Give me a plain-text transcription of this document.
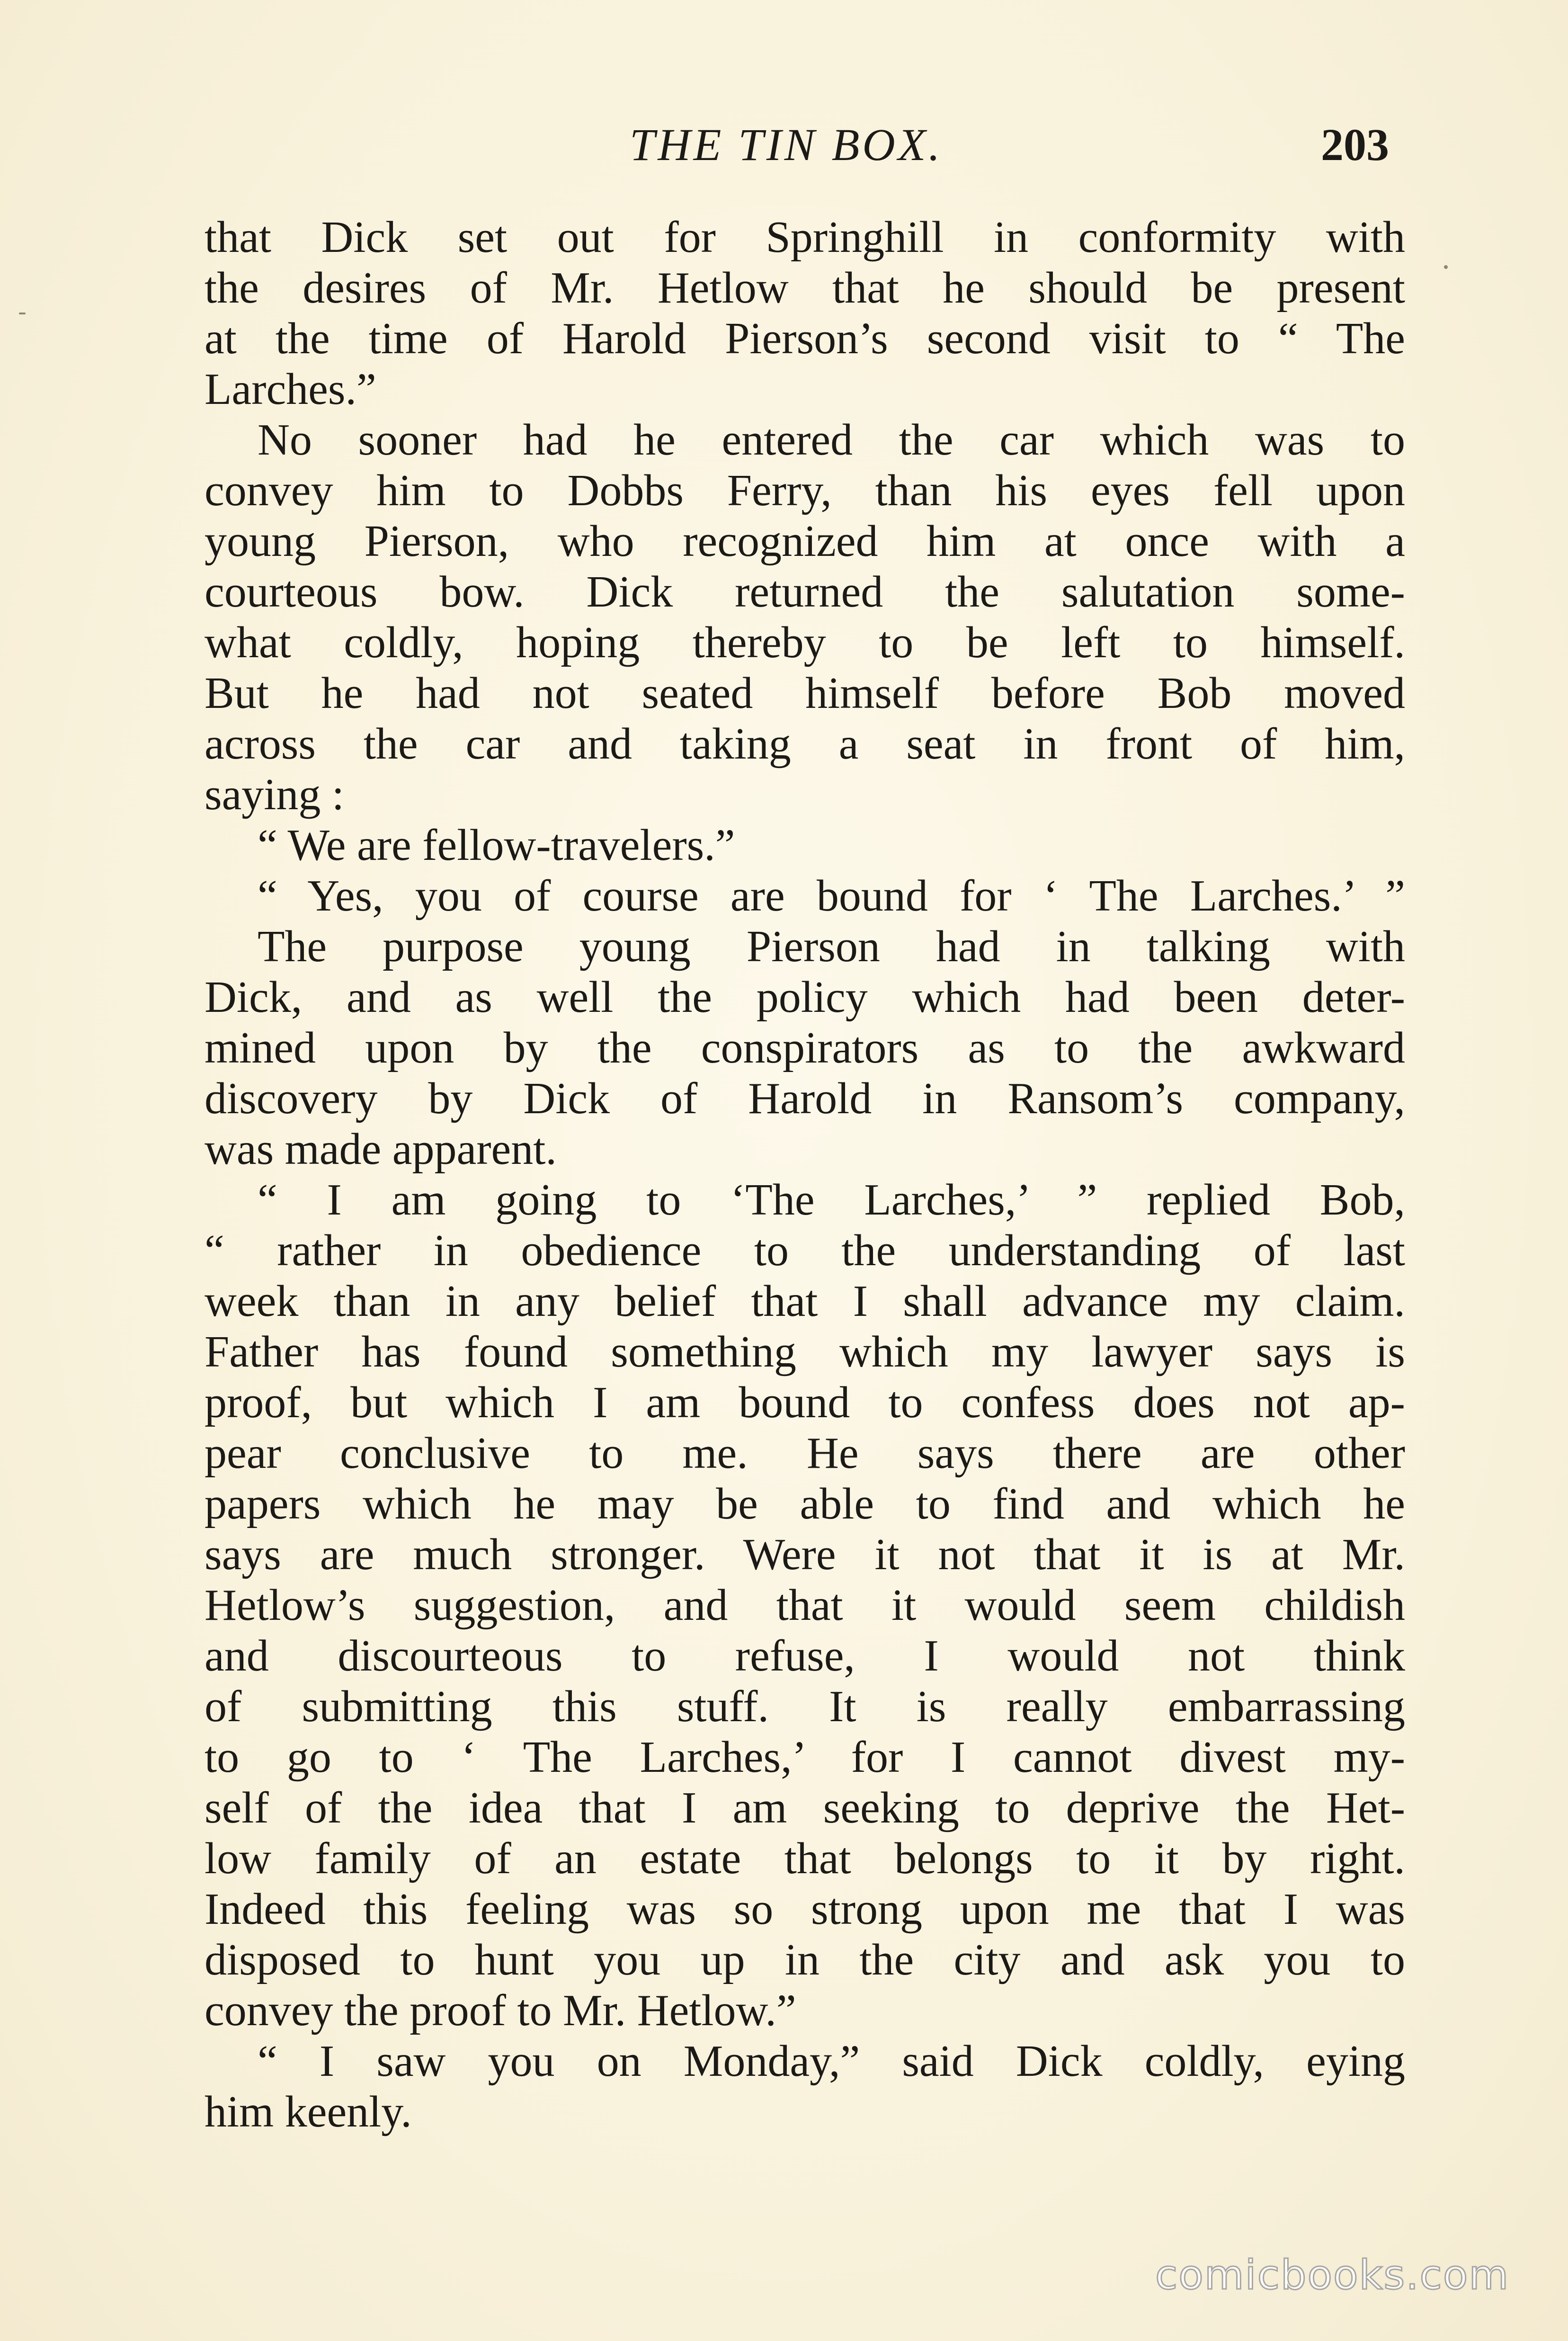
THE TIN BOX.	203
that Dick set out for Springhill in conformity with
the desires of Mr. Hetlow that he should be present
at the time of Harold Pierson’s second visit to “ The
Larches.”
No sooner had he entered the car which was to
convey him to Dobbs Ferry, than his eyes fell upon
young Pierson, who recognized him at once with a
courteous bow. Dick returned the salutation some-
what coldly, hoping thereby to be left to himself.
But he had not seated himself before Bob moved
across the car and taking a seat in front of him,
saying :
“ We are fellow-travelers.”
“ Yes, you of course are bound for ‘ The Larches.’ ”
The purpose young Pierson had in talking with
Dick, and as well the policy which had been deter-
mined upon by the conspirators as to the awkward
discovery by Dick of Harold in Ransom’s company,
was made apparent.
“ I am going to ‘The Larches,’ ” replied Bob,
“ rather in obedience to the understanding of last
week than in any belief that I shall advance my claim.
Father has found something which my lawyer says is
proof, but which I am bound to confess does not ap-
pear conclusive to me. He says there are other
papers which he may be able to find and which he
says are much stronger. Were it not that it is at Mr.
Hetlow’s suggestion, and that it would seem childish
and discourteous to refuse, I would not think
of submitting this stuff. It is really embarrassing
to go to ‘ The Larches,’ for I cannot divest my-
self of the idea that I am seeking to deprive the Het-
low family of an estate that belongs to it by right.
Indeed this feeling was so strong upon me that I was
disposed to hunt you up in the city and ask you to
convey the proof to Mr. Hetlow.”
“ I saw you on Monday,” said Dick coldly, eying
him keenly.
comicbooks.com
